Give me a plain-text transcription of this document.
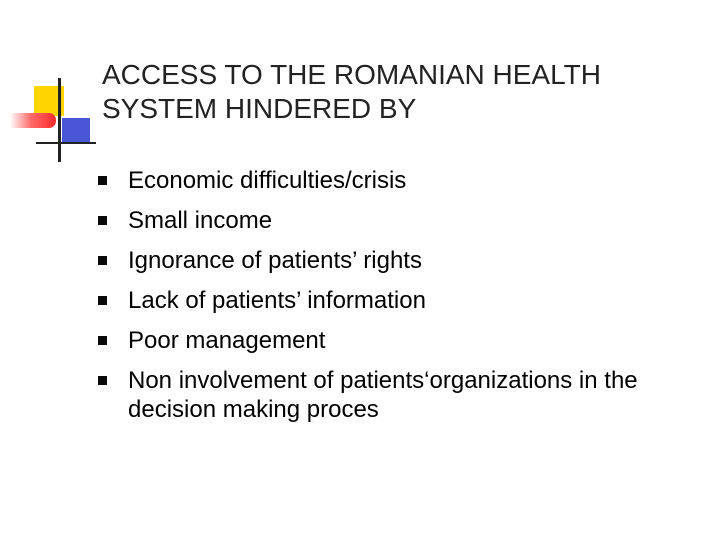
ACCESS TO THE ROMANIAN HEALTH SYSTEM HINDERED BY
Economic difficulties/crisis
Small income
Ignorance of patients’ rights
Lack of patients’ information
Poor management
Non involvement of patients‘organizations in the decision making proces
